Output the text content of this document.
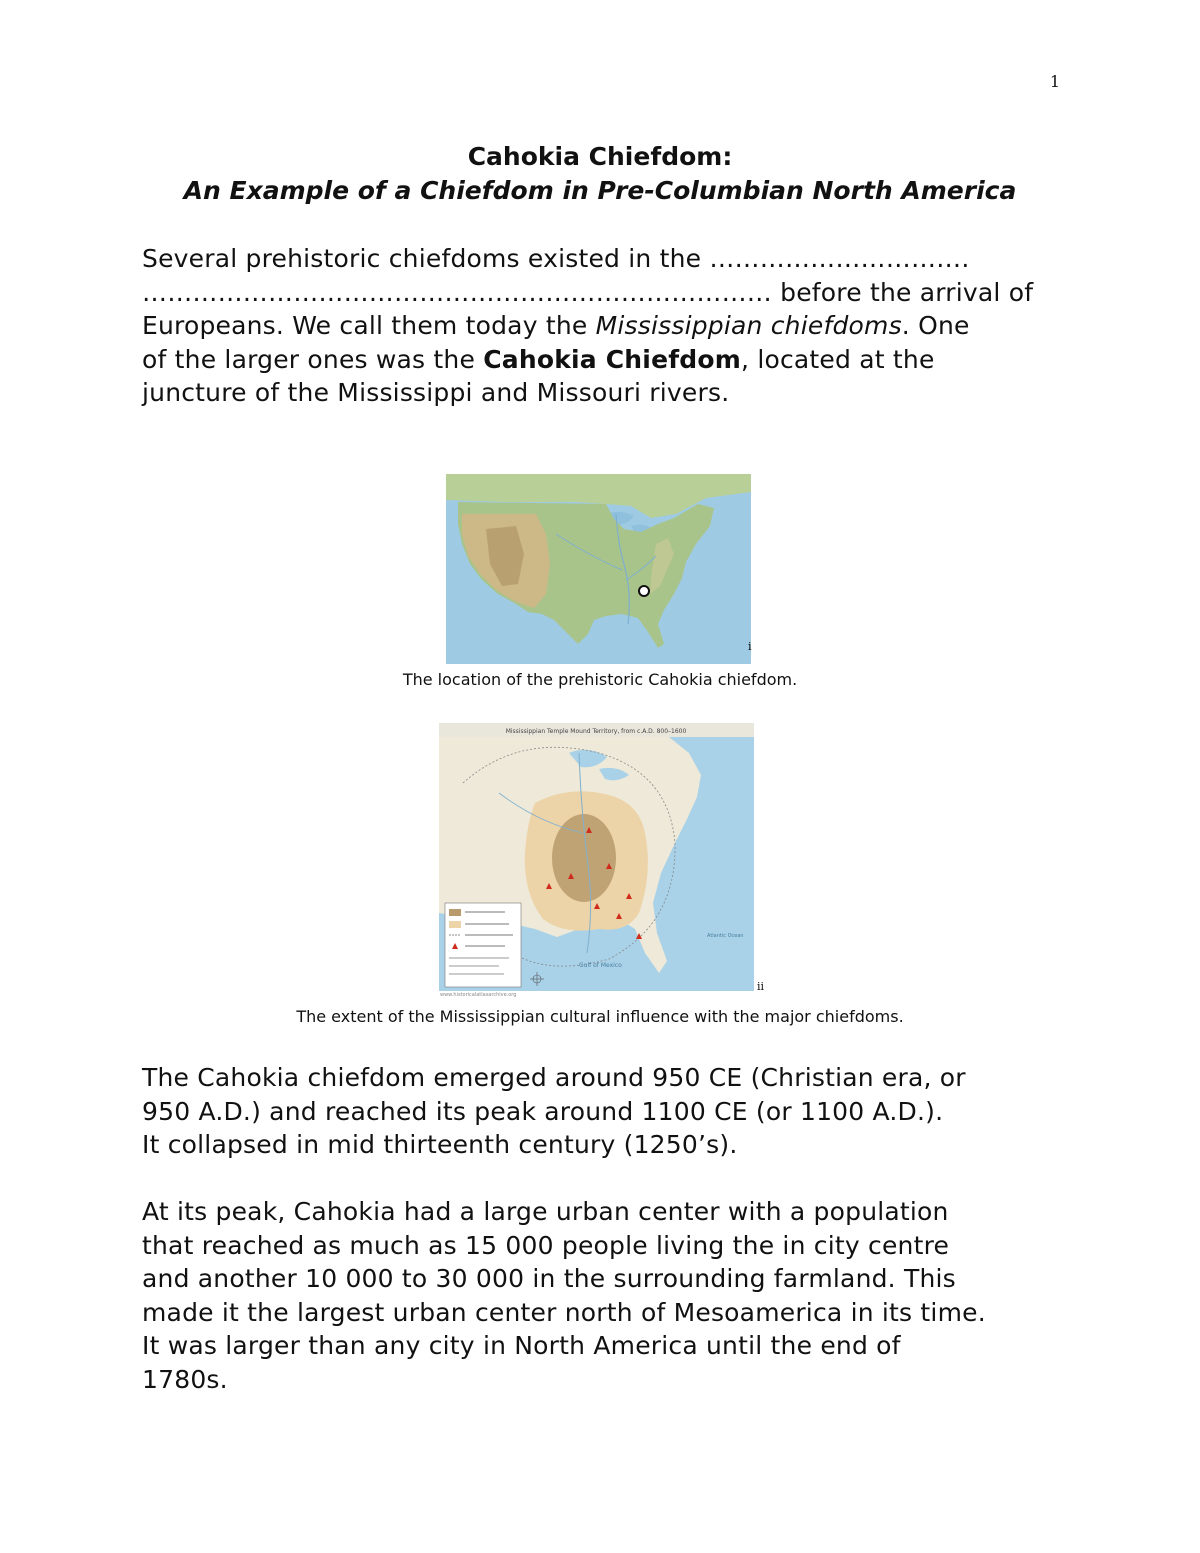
1
Cahokia Chiefdom:
An Example of a Chiefdom in Pre-Columbian North America

Several prehistoric chiefdoms existed in the ………………………….

………………………………………………………………… before the arrival of

Europeans. We call them today the Mississippian chiefdoms. One

of the larger ones was the Cahokia Chiefdom, located at the

juncture of the Mississippi and Missouri rivers.

i
The location of the prehistoric Cahokia chiefdom.
Mississippian Temple Mound Territory, from c.A.D. 800–1600
Gulf of Mexico
Atlantic Ocean
www.historicalatlasarchive.org
ii
The extent of the Mississippian cultural influence with the major chiefdoms.

The Cahokia chiefdom emerged around 950 CE (Christian era, or

950 A.D.) and reached its peak around 1100 CE (or 1100 A.D.).

It collapsed in mid thirteenth century (1250’s).

At its peak, Cahokia had a large urban center with a population

that reached as much as 15 000 people living the in city centre

and another 10 000 to 30 000 in the surrounding farmland. This

made it the largest urban center north of Mesoamerica in its time.

It was larger than any city in North America until the end of

1780s.
